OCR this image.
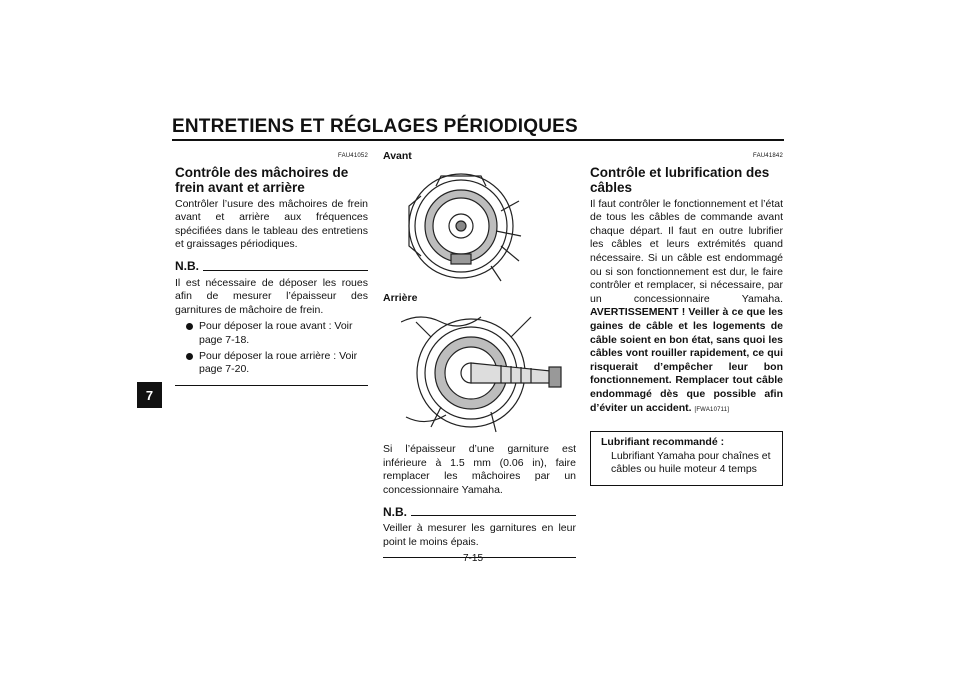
ENTRETIENS ET RÉGLAGES PÉRIODIQUES
7
7-15
FAU41052
Contrôle des mâchoires de frein avant et arrière

Contrôler l’usure des mâchoires de frein avant et arrière aux fréquences spécifiées dans le tableau des entretiens et graissages périodiques.

N.B.

Il est nécessaire de déposer les roues afin de mesurer l’épaisseur des garnitures de mâchoire de frein.

Pour déposer la roue avant : Voir page 7-18.
Pour déposer la roue arrière : Voir page 7-20.
Avant
Arrière

Si l’épaisseur d’une garniture est inférieure à 1.5 mm (0.06 in), faire remplacer les mâchoires par un concessionnaire Yamaha.

N.B.

Veiller à mesurer les garnitures en leur point le moins épais.

FAU41842
Contrôle et lubrification des câbles

Il faut contrôler le fonctionnement et l’état de tous les câbles de commande avant chaque départ. Il faut en outre lubrifier les câbles et leurs extrémités quand nécessaire. Si un câble est endommagé ou si son fonctionnement est dur, le faire contrôler et remplacer, si nécessaire, par un concessionnaire Yamaha. AVERTISSEMENT ! Veiller à ce que les gaines de câble et les logements de câble soient en bon état, sans quoi les câbles vont rouiller rapidement, ce qui risquerait d’empêcher leur bon fonctionnement. Remplacer tout câble endommagé dès que possible afin d’éviter un accident. [FWA10711]

Lubrifiant recommandé :
Lubrifiant Yamaha pour chaînes et câbles ou huile moteur 4 temps
